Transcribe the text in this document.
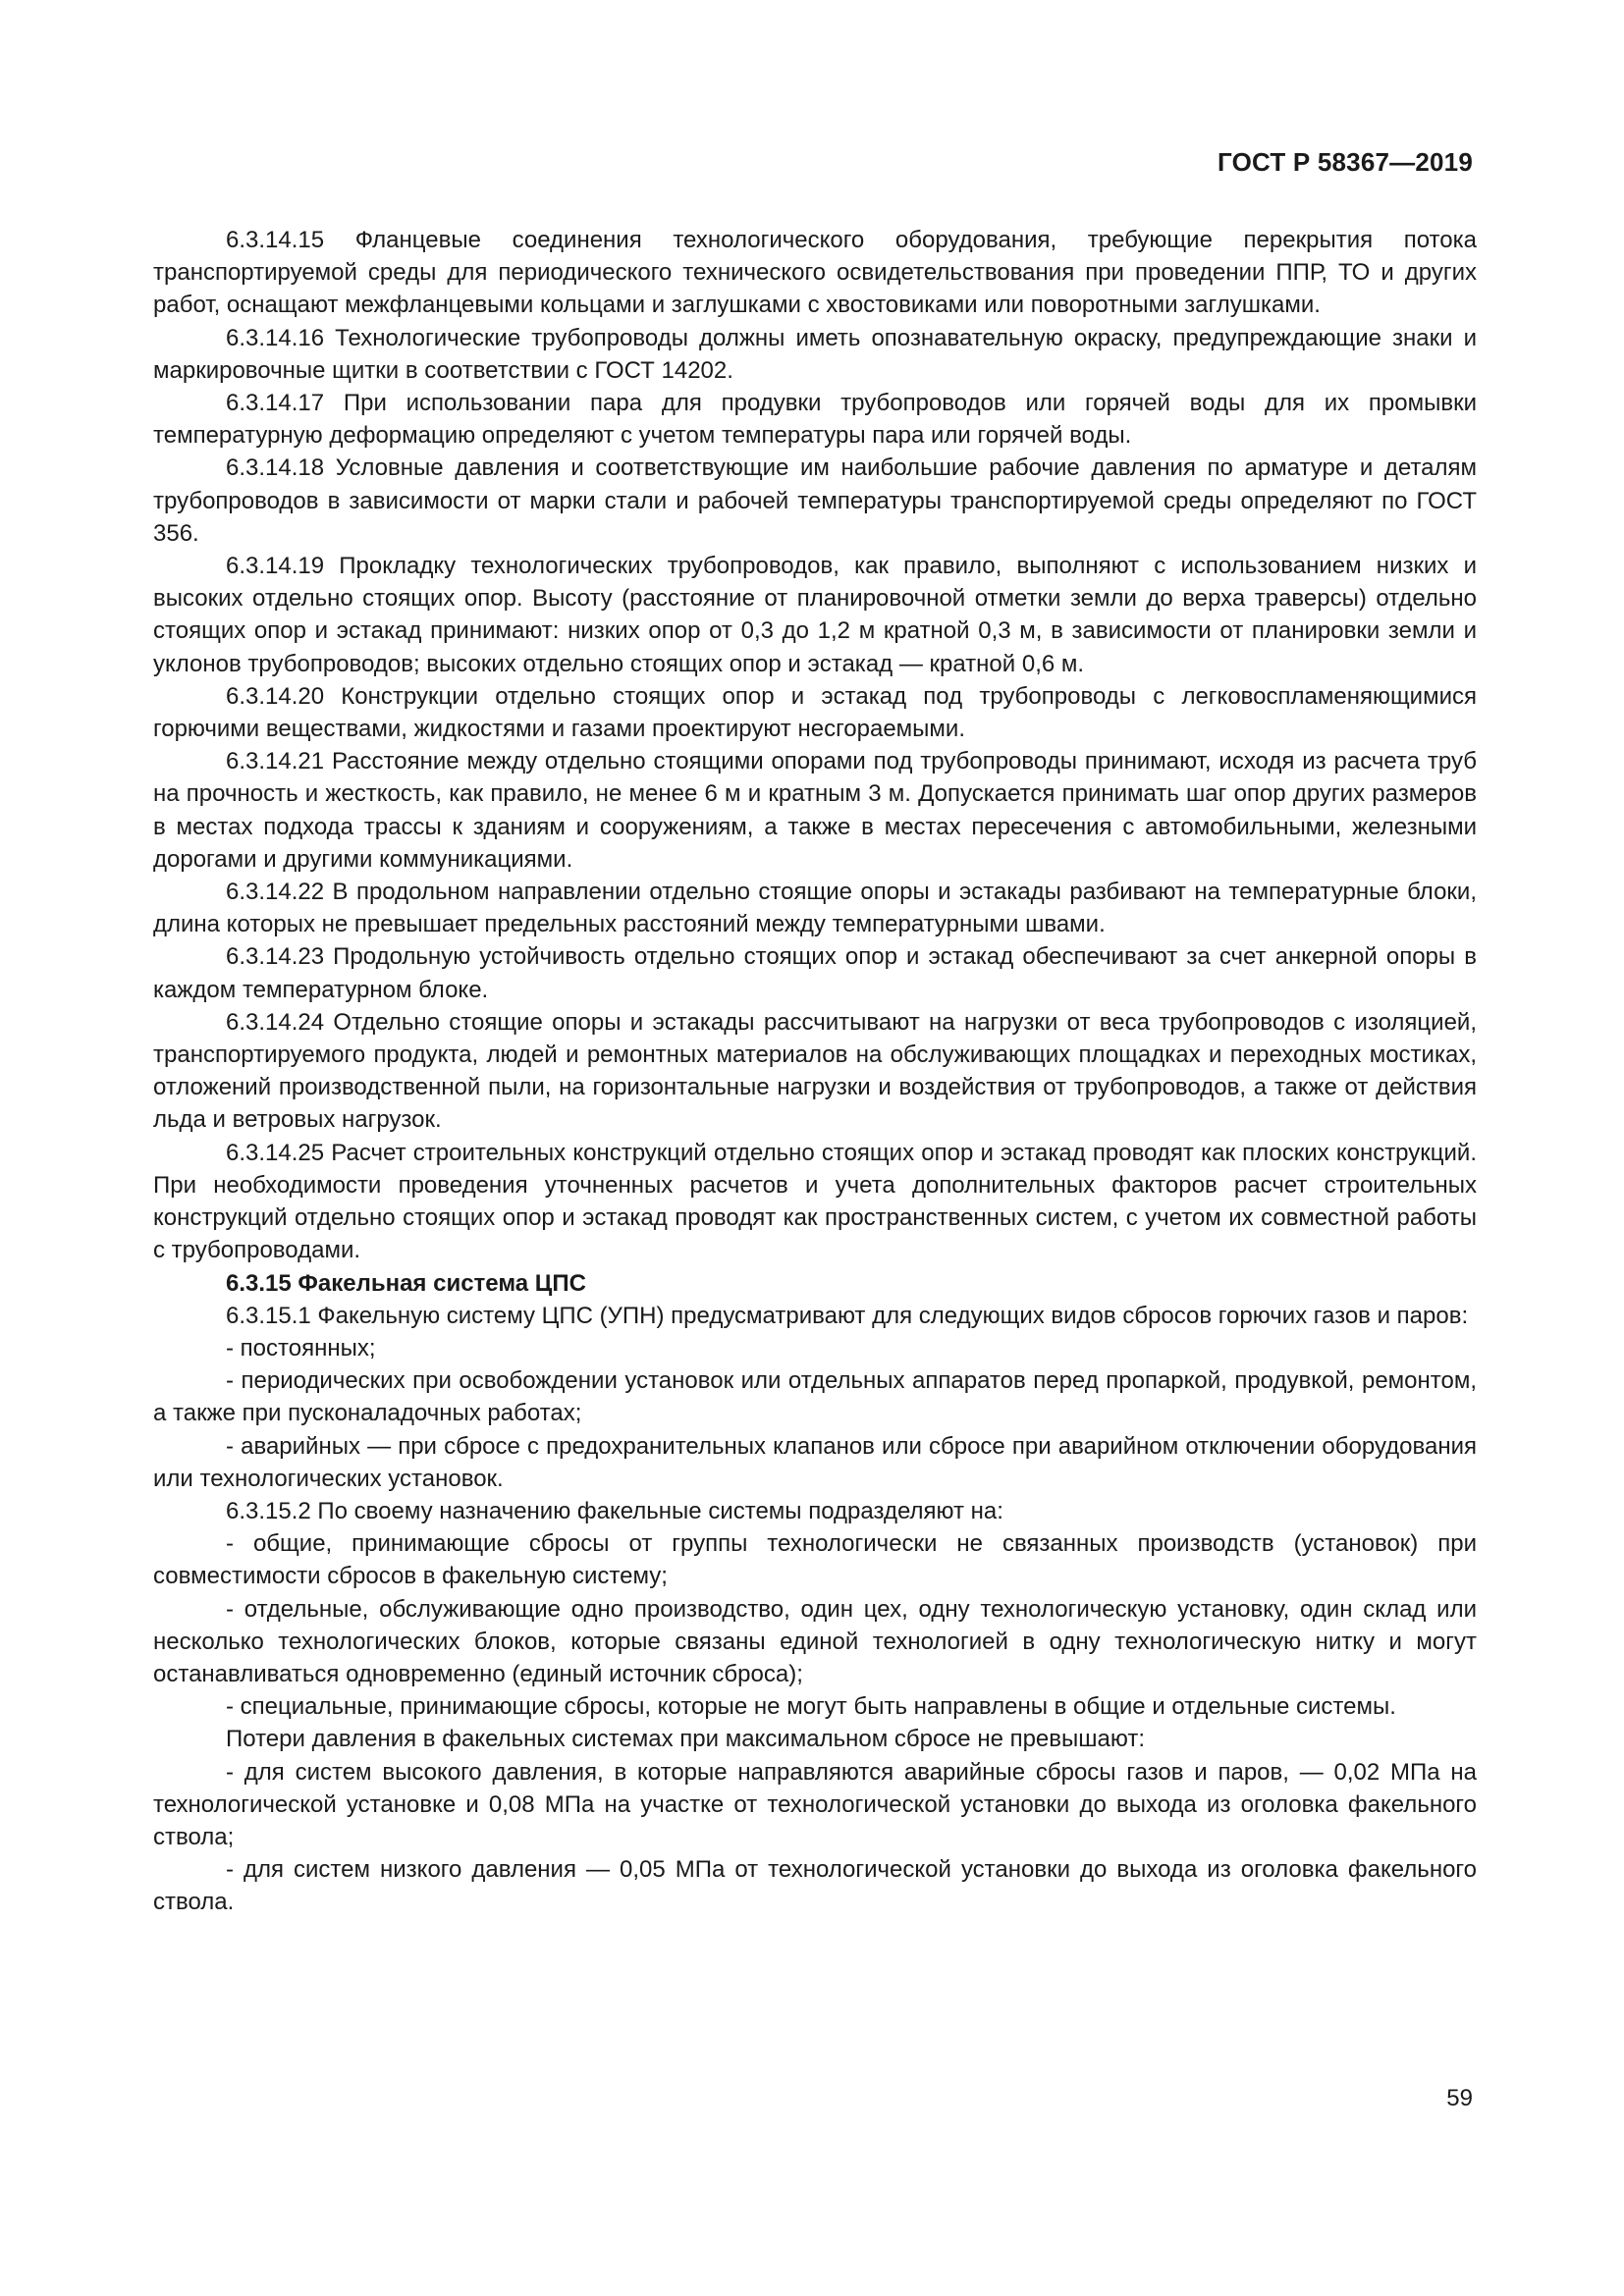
ГОСТ Р 58367—2019

6.3.14.15 Фланцевые соединения технологического оборудования, требующие перекрытия потока транспортируемой среды для периодического технического освидетельствования при проведении ППР, ТО и других работ, оснащают межфланцевыми кольцами и заглушками с хвостовиками или поворотными заглушками.

6.3.14.16 Технологические трубопроводы должны иметь опознавательную окраску, предупреждающие знаки и маркировочные щитки в соответствии с ГОСТ 14202.

6.3.14.17 При использовании пара для продувки трубопроводов или горячей воды для их промывки температурную деформацию определяют с учетом температуры пара или горячей воды.

6.3.14.18 Условные давления и соответствующие им наибольшие рабочие давления по арматуре и деталям трубопроводов в зависимости от марки стали и рабочей температуры транспортируемой среды определяют по ГОСТ 356.

6.3.14.19 Прокладку технологических трубопроводов, как правило, выполняют с использованием низких и высоких отдельно стоящих опор. Высоту (расстояние от планировочной отметки земли до верха траверсы) отдельно стоящих опор и эстакад принимают: низких опор от 0,3 до 1,2 м кратной 0,3 м, в зависимости от планировки земли и уклонов трубопроводов; высоких отдельно стоящих опор и эстакад — кратной 0,6 м.

6.3.14.20 Конструкции отдельно стоящих опор и эстакад под трубопроводы с легковоспламеняющимися горючими веществами, жидкостями и газами проектируют несгораемыми.

6.3.14.21 Расстояние между отдельно стоящими опорами под трубопроводы принимают, исходя из расчета труб на прочность и жесткость, как правило, не менее 6 м и кратным 3 м. Допускается принимать шаг опор других размеров в местах подхода трассы к зданиям и сооружениям, а также в местах пересечения с автомобильными, железными дорогами и другими коммуникациями.

6.3.14.22 В продольном направлении отдельно стоящие опоры и эстакады разбивают на температурные блоки, длина которых не превышает предельных расстояний между температурными швами.

6.3.14.23 Продольную устойчивость отдельно стоящих опор и эстакад обеспечивают за счет анкерной опоры в каждом температурном блоке.

6.3.14.24 Отдельно стоящие опоры и эстакады рассчитывают на нагрузки от веса трубопроводов с изоляцией, транспортируемого продукта, людей и ремонтных материалов на обслуживающих площадках и переходных мостиках, отложений производственной пыли, на горизонтальные нагрузки и воздействия от трубопроводов, а также от действия льда и ветровых нагрузок.

6.3.14.25 Расчет строительных конструкций отдельно стоящих опор и эстакад проводят как плоских конструкций. При необходимости проведения уточненных расчетов и учета дополнительных факторов расчет строительных конструкций отдельно стоящих опор и эстакад проводят как пространственных систем, с учетом их совместной работы с трубопроводами.

6.3.15 Факельная система ЦПС

6.3.15.1 Факельную систему ЦПС (УПН) предусматривают для следующих видов сбросов горючих газов и паров:

- постоянных;

- периодических при освобождении установок или отдельных аппаратов перед пропаркой, продувкой, ремонтом, а также при пусконаладочных работах;

- аварийных — при сбросе с предохранительных клапанов или сбросе при аварийном отключении оборудования или технологических установок.

6.3.15.2 По своему назначению факельные системы подразделяют на:

- общие, принимающие сбросы от группы технологически не связанных производств (установок) при совместимости сбросов в факельную систему;

- отдельные, обслуживающие одно производство, один цех, одну технологическую установку, один склад или несколько технологических блоков, которые связаны единой технологией в одну технологическую нитку и могут останавливаться одновременно (единый источник сброса);

- специальные, принимающие сбросы, которые не могут быть направлены в общие и отдельные системы.

Потери давления в факельных системах при максимальном сбросе не превышают:

- для систем высокого давления, в которые направляются аварийные сбросы газов и паров, — 0,02 МПа на технологической установке и 0,08 МПа на участке от технологической установки до выхода из оголовка факельного ствола;

- для систем низкого давления — 0,05 МПа от технологической установки до выхода из оголовка факельного ствола.

59
